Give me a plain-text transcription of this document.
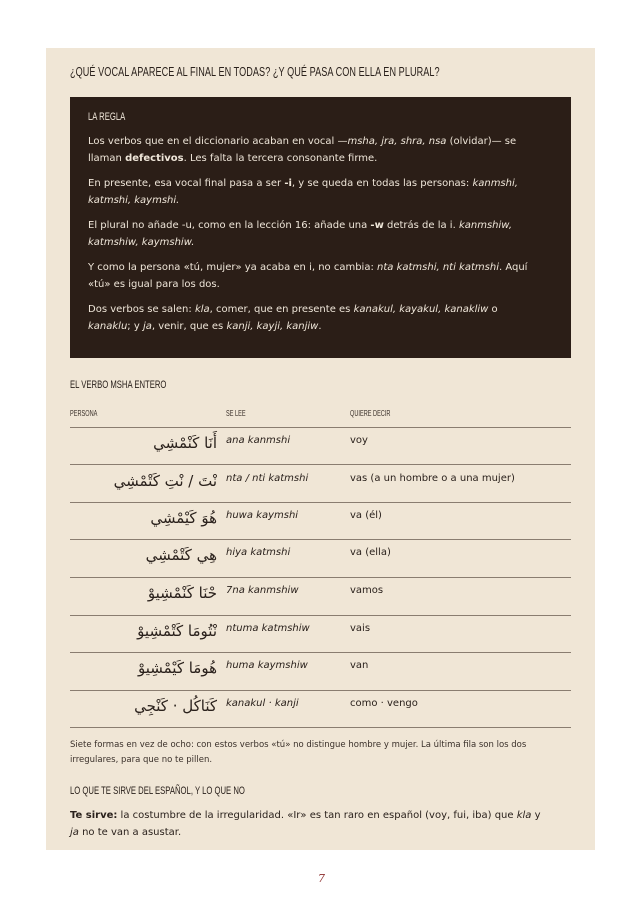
¿QUÉ VOCAL APARECE AL FINAL EN TODAS? ¿Y QUÉ PASA CON ELLA EN PLURAL?
LA REGLA

Los verbos que en el diccionario acaban en vocal —msha, jra, shra, nsa (olvidar)— se llaman defectivos. Les falta la tercera consonante firme.

En presente, esa vocal final pasa a ser -i, y se queda en todas las personas: kanmshi, katmshi, kaymshi.

El plural no añade -u, como en la lección 16: añade una -w detrás de la i. kanmshiw, katmshiw, kaymshiw.

Y como la persona «tú, mujer» ya acaba en i, no cambia: nta katmshi, nti katmshi. Aquí «tú» es igual para los dos.

Dos verbos se salen: kla, comer, que en presente es kanakul, kayakul, kanakliw o kanaklu; y ja, venir, que es kanji, kayji, kanjiw.

EL VERBO MSHA ENTERO
PERSONA	SE LEE	QUIERE DECIR
أَنَا كَنْمْشِي ana kanmshi	voy
نْتَ / نْتِ كَتْمْشِي nta / nti katmshi	vas (a un hombre o a una mujer)
هُوَ كَيْمْشِي huwa kaymshi	va (él)
هِي كَتْمْشِي hiya katmshi	va (ella)
حْنَا كَنْمْشِيوْ 7na kanmshiw	vamos
نْتُومَا كَتْمْشِيوْ ntuma katmshiw	vais
هُومَا كَيْمْشِيوْ huma kaymshiw	van
كَنَاكُل · كَنْجِي kanakul · kanji	como · vengo

Siete formas en vez de ocho: con estos verbos «tú» no distingue hombre y mujer. La última fila son los dos irregulares, para que no te pillen.

LO QUE TE SIRVE DEL ESPAÑOL, Y LO QUE NO

Te sirve: la costumbre de la irregularidad. «Ir» es tan raro en español (voy, fui, iba) que kla y ja no te van a asustar.

7
